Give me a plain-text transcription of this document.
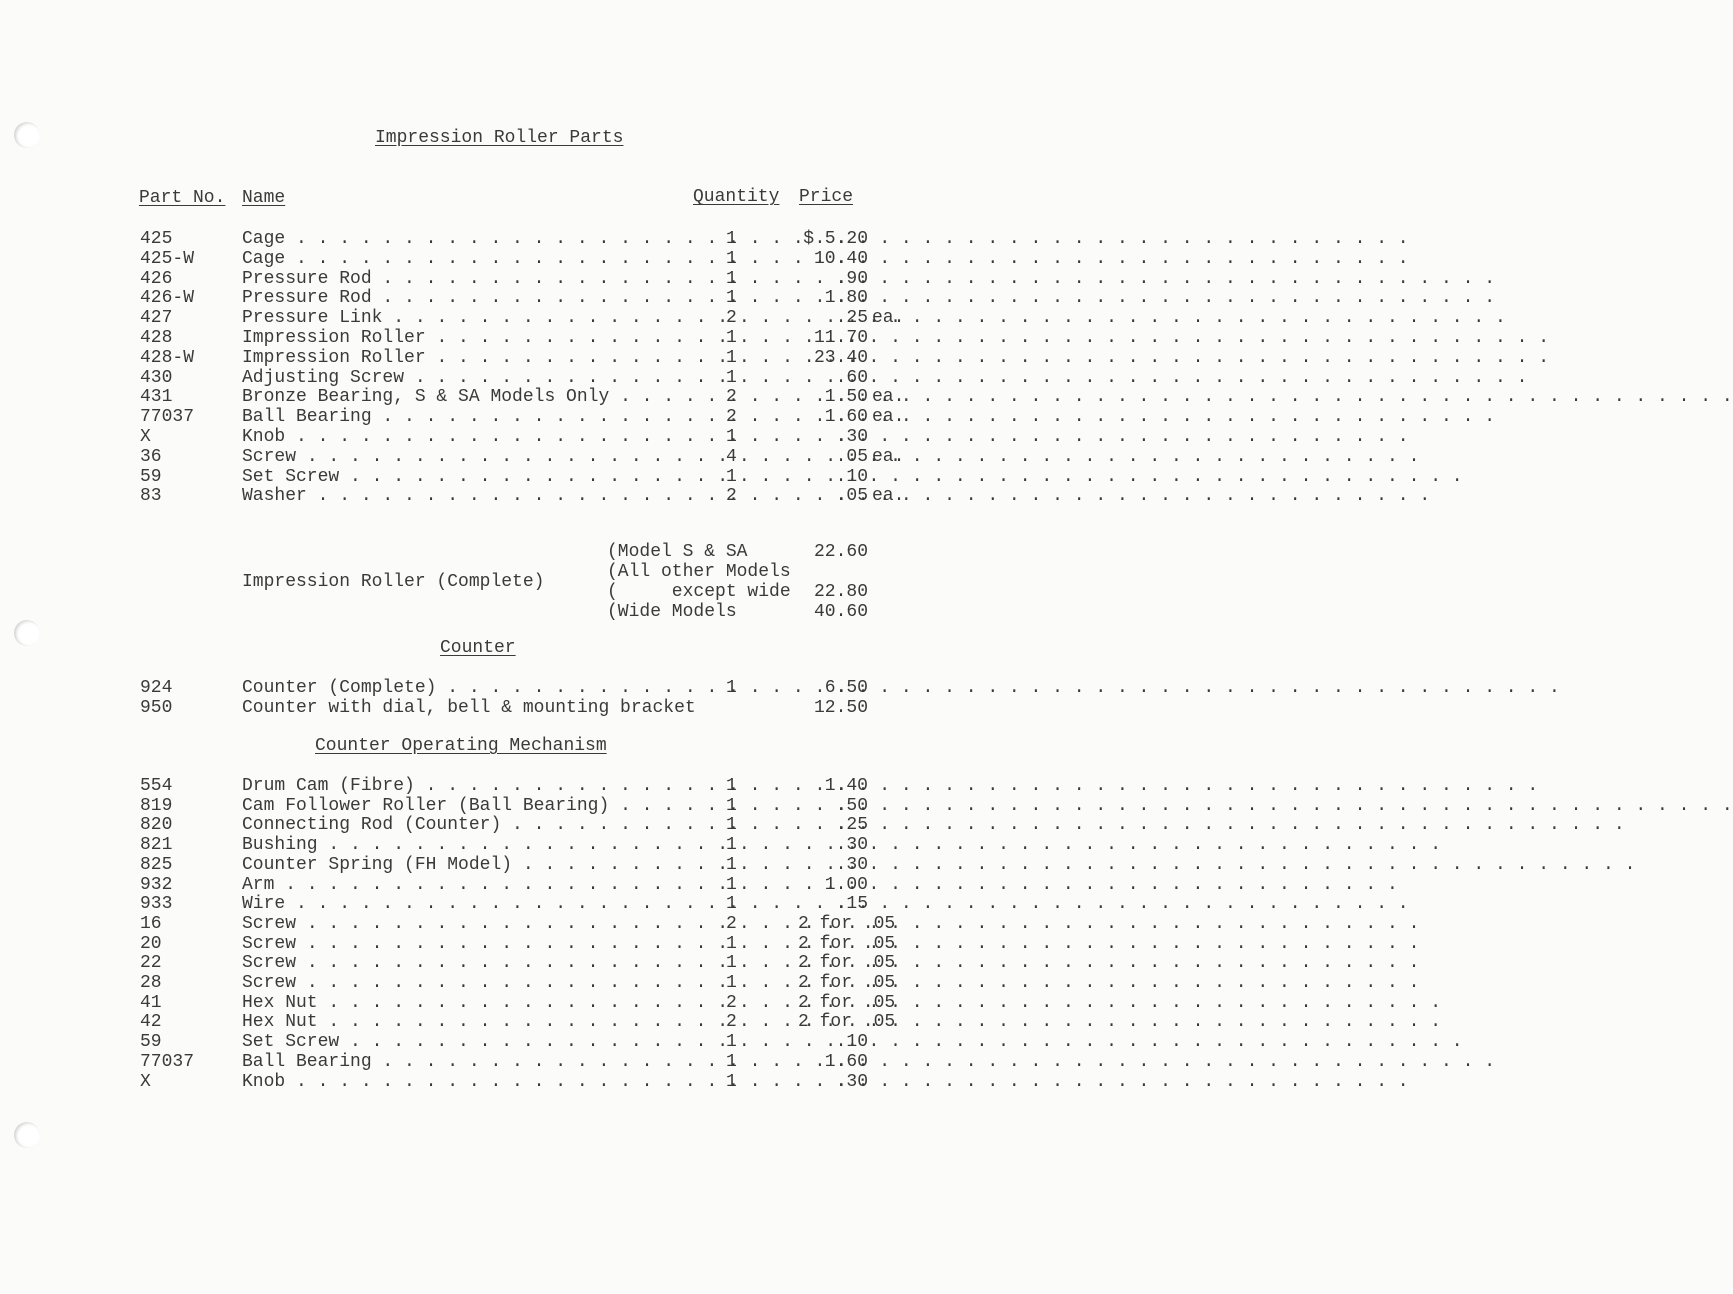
Impression Roller Parts
Part No. Name	Quantity Price
425	Cage . . .	1	$ 5.20
425-W	Cage . . .	1	10.40
426	Pressure Rod . . .	1	.90
426-W	Pressure Rod . . .	1	1.80
427	Pressure Link . . .	2	.25 ea.
428	Impression Roller . . .	1	11.70
428-W	Impression Roller . . .	1	23.40
430	Adjusting Screw . . .	1	.60
431	Bronze Bearing, S & SA Models Only . . .	2	1.50 ea.
77037	Ball Bearing . . .	2	1.60 ea.
X	Knob . . .	1	.30
36	Screw . . .	4	.05 ea.
59	Set Screw . . .	1	.10
83	Washer . . .	2	.05 ea.
Impression Roller (Complete)
(Model S & SA	22.60
(All other Models
(     except wide	22.80
(Wide Models	40.60
Counter
924	Counter (Complete) . . .	1	6.50
950	Counter with dial, bell & mounting bracket	12.50
Counter Operating Mechanism
554	Drum Cam (Fibre) . . .	1	1.40
819	Cam Follower Roller (Ball Bearing) . . .	1	.50
820	Connecting Rod (Counter) . . .	1	.25
821	Bushing . . .	1	.30
825	Counter Spring (FH Model) . . .	1	.30
932	Arm . . .	1	1.00
933	Wire . . .	1	.15
16	Screw . . .	2	2 for .05
20	Screw . . .	1	2 for .05
22	Screw . . .	1	2 for .05
28	Screw . . .	1	2 for .05
41	Hex Nut . . .	2	2 for .05
42	Hex Nut . . .	2	2 for .05
59	Set Screw . . .	1	.10
77037	Ball Bearing . . .	1	1.60
X	Knob . . .	1	.30
